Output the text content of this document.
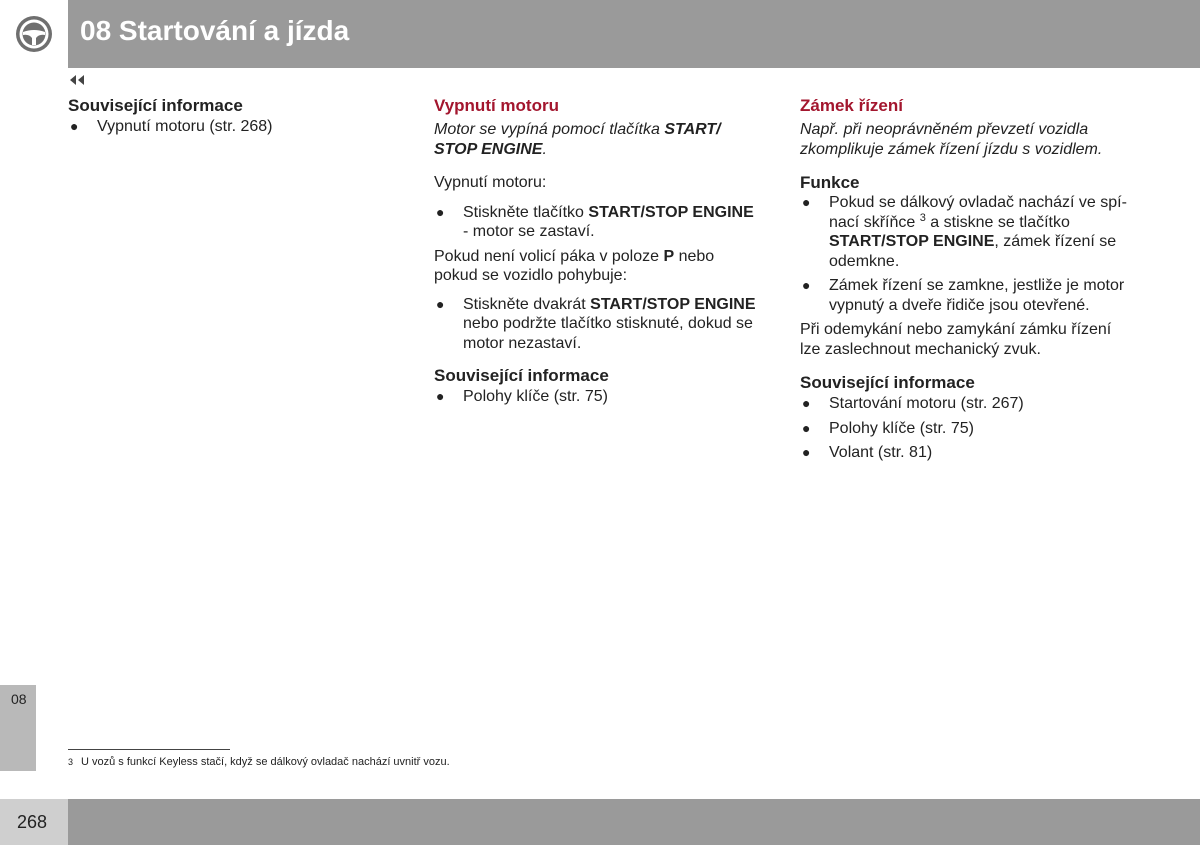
08 Startování a jízda
Související informace
● Vypnutí motoru (str. 268)
Vypnutí motoru
Motor se vypíná pomocí tlačítka START/
STOP ENGINE.
Vypnutí motoru:
● Stiskněte tlačítko START/STOP ENGINE
- motor se zastaví.
Pokud není volicí páka v poloze P nebo
pokud se vozidlo pohybuje:
● Stiskněte dvakrát START/STOP ENGINE
nebo podržte tlačítko stisknuté, dokud se motor nezastaví.
Související informace
● Polohy klíče (str. 75)
Zámek řízení
Např. při neoprávněném převzetí vozidla
zkomplikuje zámek řízení jízdu s vozidlem.
Funkce
● Pokud se dálkový ovladač nachází ve spí-
nací skříňce $^3$ a stiskne se tlačítko
START/STOP ENGINE, zámek řízení se odemkne.
● Zámek řízení se zamkne, jestliže je motor vypnutý a dveře řidiče jsou otevřené.
Při odemykání nebo zamykání zámku řízení
lze zaslechnout mechanický zvuk.
Související informace
● Startování motoru (str. 267)
● Polohy klíče (str. 75)
● Volant (str. 81)
08
3 U vozů s funkcí Keyless stačí, když se dálkový ovladač nachází uvnitř vozu.
268
